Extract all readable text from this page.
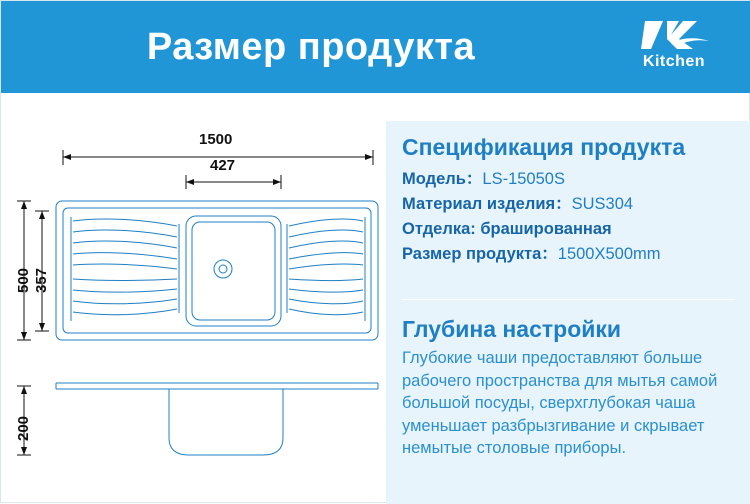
Размер продукта	Kitchen
1500
427
500 357
200
Спецификация продукта
Модель：LS-15050S
Материал изделия：SUS304
Отделка: брашированная
Размер продукта：1500X500mm
Глубина настройки
Глубокие чаши предоставляют больше рабочего пространства для мытья самой большой посуды, сверхглубокая чаша уменьшает разбрызгивание и скрывает немытые столовые приборы.
